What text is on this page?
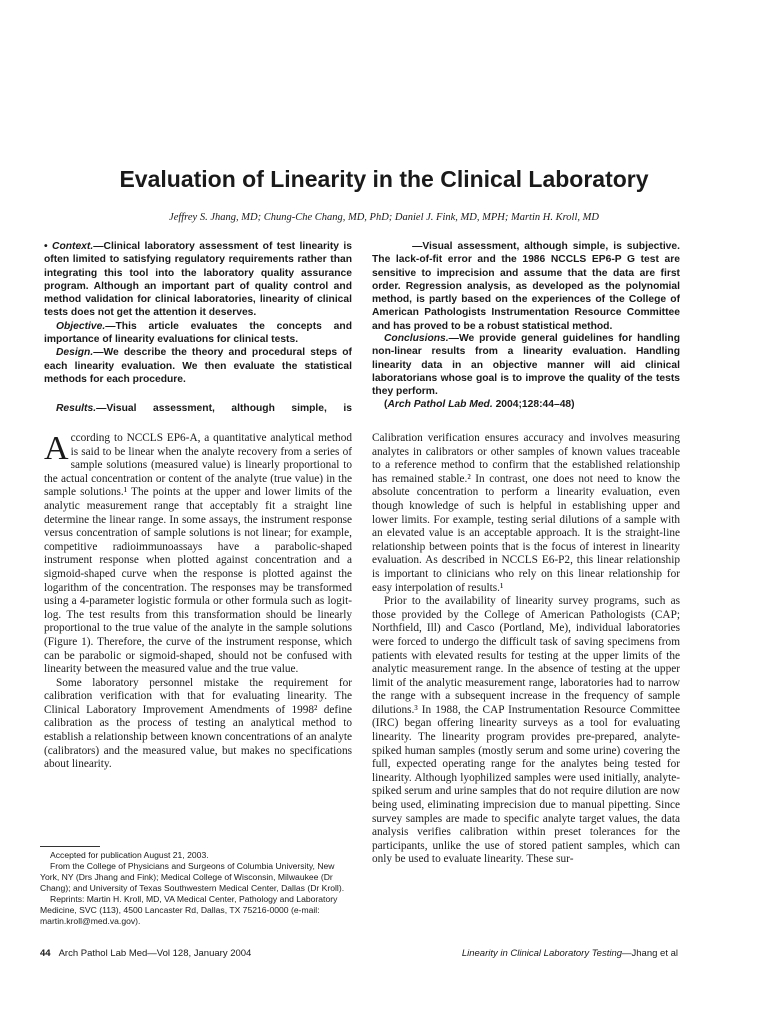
Evaluation of Linearity in the Clinical Laboratory
Jeffrey S. Jhang, MD; Chung-Che Chang, MD, PhD; Daniel J. Fink, MD, MPH; Martin H. Kroll, MD

• Context.—Clinical laboratory assessment of test linearity is often limited to satisfying regulatory requirements rather than integrating this tool into the laboratory quality assurance program. Although an important part of quality control and method validation for clinical laboratories, linearity of clinical tests does not get the attention it deserves.

Objective.—This article evaluates the concepts and importance of linearity evaluations for clinical tests.

Design.—We describe the theory and procedural steps of each linearity evaluation. We then evaluate the statistical methods for each procedure.

Results.—Visual assessment, although simple, is

—Visual assessment, although simple, is subjective. The lack-of-fit error and the 1986 NCCLS EP6-P G test are sensitive to imprecision and assume that the data are first order. Regression analysis, as developed as the polynomial method, is partly based on the experiences of the College of American Pathologists Instrumentation Resource Committee and has proved to be a robust statistical method.

Conclusions.—We provide general guidelines for handling non-linear results from a linearity evaluation. Handling linearity data in an objective manner will aid clinical laboratorians whose goal is to improve the quality of the tests they perform.

(Arch Pathol Lab Med. 2004;128:44–48)

According to NCCLS EP6-A, a quantitative analytical method is said to be linear when the analyte recovery from a series of sample solutions (measured value) is linearly proportional to the actual concentration or content of the analyte (true value) in the sample solutions.¹ The points at the upper and lower limits of the analytic measurement range that acceptably fit a straight line determine the linear range. In some assays, the instrument response versus concentration of sample solutions is not linear; for example, competitive radioimmunoassays have a parabolic-shaped instrument response when plotted against concentration and a sigmoid-shaped curve when the response is plotted against the logarithm of the concentration. The responses may be transformed using a 4-parameter logistic formula or other formula such as logit-log. The test results from this transformation should be linearly proportional to the true value of the analyte in the sample solutions (Figure 1). Therefore, the curve of the instrument response, which can be parabolic or sigmoid-shaped, should not be confused with linearity between the measured value and the true value.

Some laboratory personnel mistake the requirement for calibration verification with that for evaluating linearity. The Clinical Laboratory Improvement Amendments of 1998² define calibration as the process of testing an analytical method to establish a relationship between known concentrations of an analyte (calibrators) and the measured value, but makes no specifications about linearity.

Calibration verification ensures accuracy and involves measuring analytes in calibrators or other samples of known values traceable to a reference method to confirm that the established relationship has remained stable.² In contrast, one does not need to know the absolute concentration to perform a linearity evaluation, even though knowledge of such is helpful in establishing upper and lower limits. For example, testing serial dilutions of a sample with an elevated value is an acceptable approach. It is the straight-line relationship between points that is the focus of interest in linearity evaluation. As described in NCCLS E6-P2, this linear relationship is important to clinicians who rely on this linear relationship for easy interpolation of results.¹

Prior to the availability of linearity survey programs, such as those provided by the College of American Pathologists (CAP; Northfield, Ill) and Casco (Portland, Me), individual laboratories were forced to undergo the difficult task of saving specimens from patients with elevated results for testing at the upper limits of the analytic measurement range. In the absence of testing at the upper limit of the analytic measurement range, laboratories had to narrow the range with a subsequent increase in the frequency of sample dilutions.³ In 1988, the CAP Instrumentation Resource Committee (IRC) began offering linearity surveys as a tool for evaluating linearity. The linearity program provides pre-prepared, analyte-spiked human samples (mostly serum and some urine) covering the full, expected operating range for the analytes being tested for linearity. Although lyophilized samples were used initially, analyte-spiked serum and urine samples that do not require dilution are now being used, eliminating imprecision due to manual pipetting. Since survey samples are made to specific analyte target values, the data analysis verifies calibration within preset tolerances for the participants, unlike the use of stored patient samples, which can only be used to evaluate linearity. These sur-

Accepted for publication August 21, 2003.

From the College of Physicians and Surgeons of Columbia University, New York, NY (Drs Jhang and Fink); Medical College of Wisconsin, Milwaukee (Dr Chang); and University of Texas Southwestern Medical Center, Dallas (Dr Kroll).

Reprints: Martin H. Kroll, MD, VA Medical Center, Pathology and Laboratory Medicine, SVC (113), 4500 Lancaster Rd, Dallas, TX 75216-0000 (e-mail: martin.kroll@med.va.gov).

44 Arch Pathol Lab Med—Vol 128, January 2004	Linearity in Clinical Laboratory Testing—Jhang et al
